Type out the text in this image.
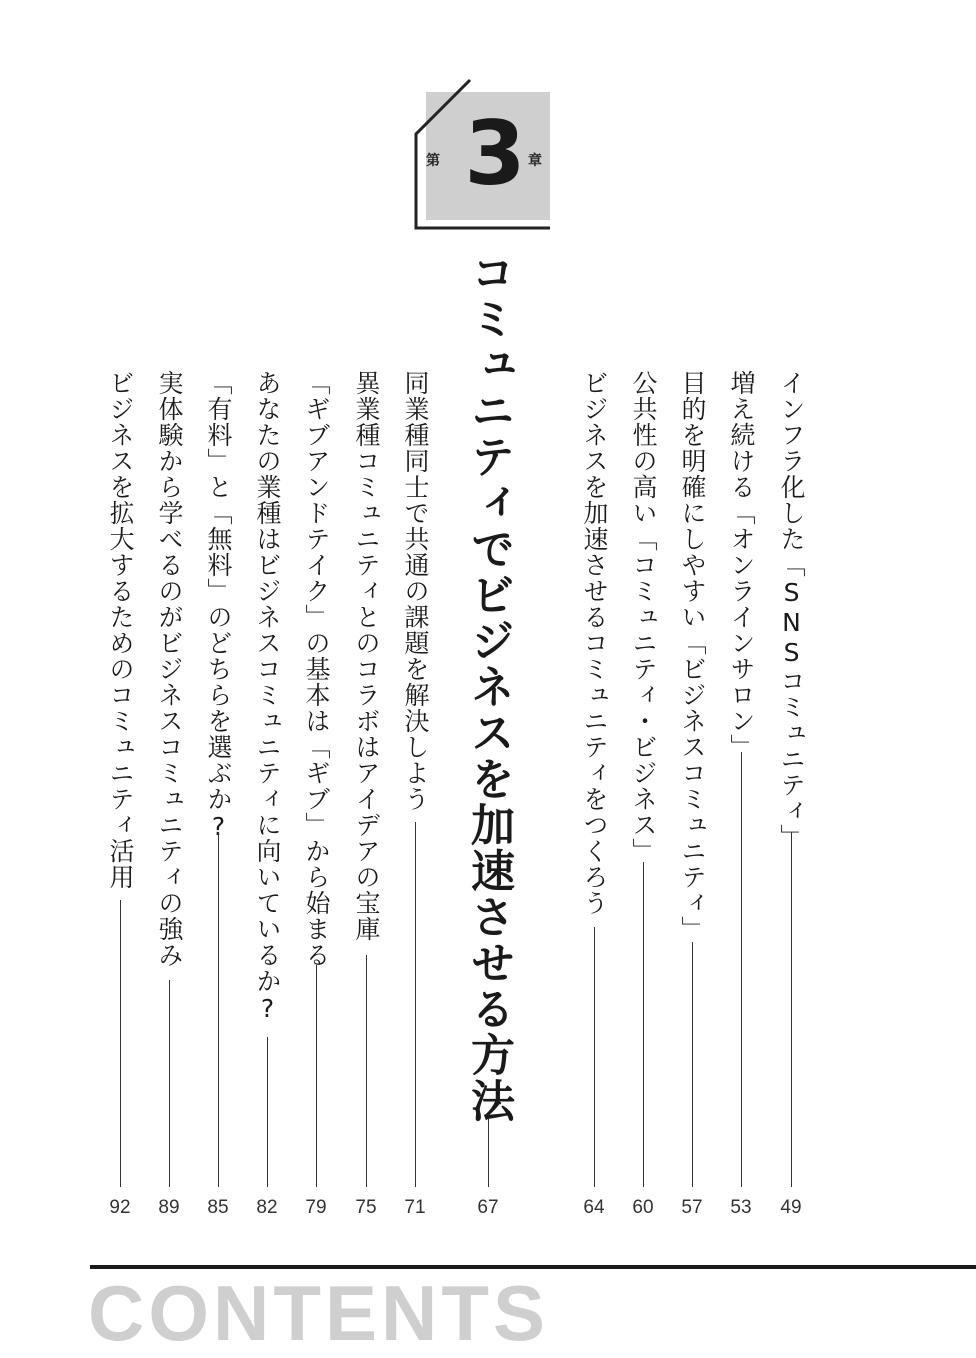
第 3 章
インフラ化した「SNSコミュニティ」
49
増え続ける「オンラインサロン」
53
目的を明確にしやすい「ビジネスコミュニティ」
57
公共性の高い「コミュニティ・ビジネス」
60
ビジネスを加速させるコミュニティをつくろう
64
コミュニティでビジネスを加速させる方法
67
同業種同士で共通の課題を解決しよう
71
異業種コミュニティとのコラボはアイデアの宝庫
75
「ギブアンドテイク」の基本は「ギブ」から始まる
79
あなたの業種はビジネスコミュニティに向いているか?
82
「有料」と「無料」のどちらを選ぶか?
85
実体験から学べるのがビジネスコミュニティの強み
89
ビジネスを拡大するためのコミュニティ活用
92
CONTENTS
